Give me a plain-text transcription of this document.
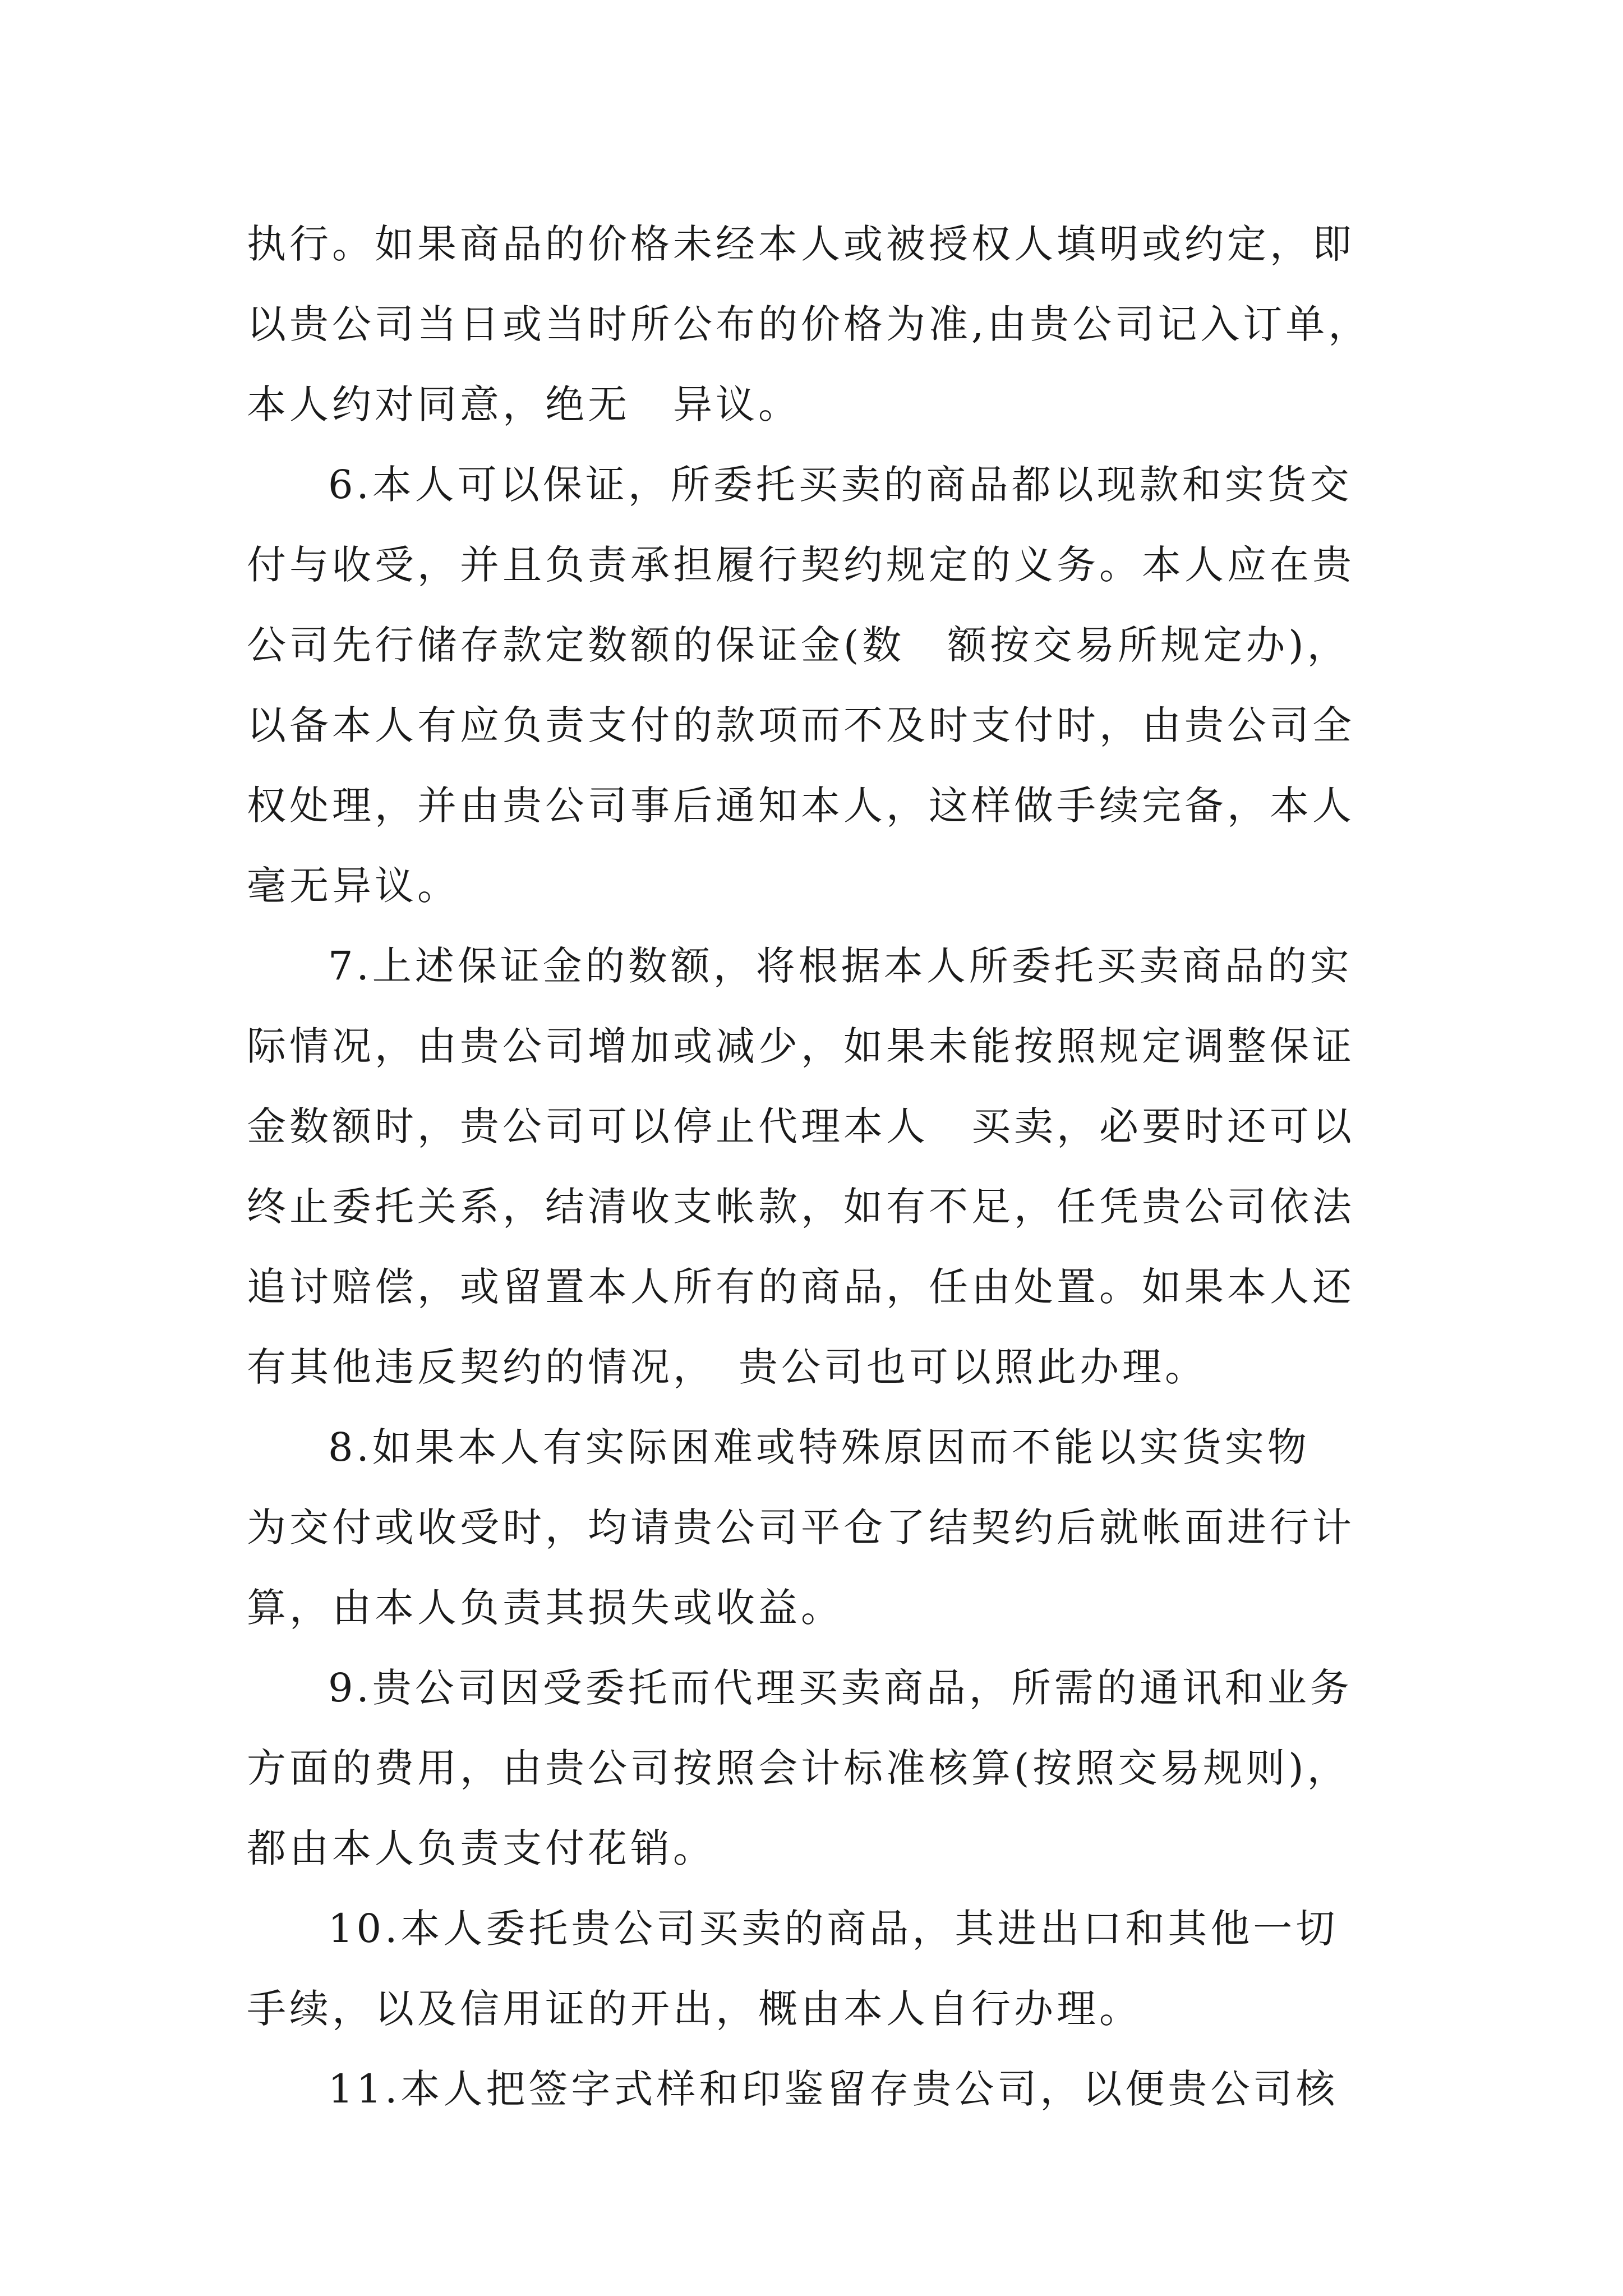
执行。如果商品的价格未经本人或被授权人填明或约定，即

以贵公司当日或当时所公布的价格为准,由贵公司记入订单，

本人约对同意，绝无　异议。

6.本人可以保证，所委托买卖的商品都以现款和实货交

付与收受，并且负责承担履行契约规定的义务。本人应在贵

公司先行储存款定数额的保证金(数　额按交易所规定办)，

以备本人有应负责支付的款项而不及时支付时，由贵公司全

权处理，并由贵公司事后通知本人，这样做手续完备，本人

毫无异议。

7.上述保证金的数额，将根据本人所委托买卖商品的实

际情况，由贵公司增加或减少，如果未能按照规定调整保证

金数额时，贵公司可以停止代理本人　买卖，必要时还可以

终止委托关系，结清收支帐款，如有不足，任凭贵公司依法

追讨赔偿，或留置本人所有的商品，任由处置。如果本人还

有其他违反契约的情况，　贵公司也可以照此办理。

8.如果本人有实际困难或特殊原因而不能以实货实物

为交付或收受时，均请贵公司平仓了结契约后就帐面进行计

算，由本人负责其损失或收益。

9.贵公司因受委托而代理买卖商品，所需的通讯和业务

方面的费用，由贵公司按照会计标准核算(按照交易规则)，

都由本人负责支付花销。

10.本人委托贵公司买卖的商品，其进出口和其他一切

手续，以及信用证的开出，概由本人自行办理。

11.本人把签字式样和印鉴留存贵公司，以便贵公司核
